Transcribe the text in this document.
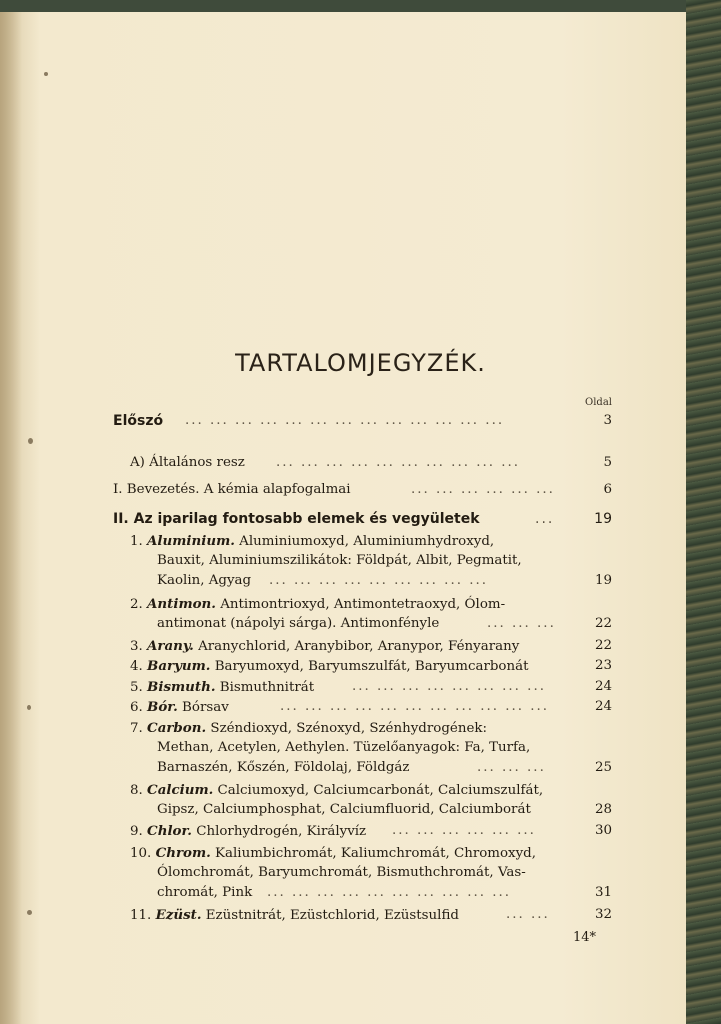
TARTALOMJEGYZÉK.
Oldal
Előszó ... ... ... ... ... ... ... ... ... ... ... ... ...	3
A) Általános resz ... ... ... ... ... ... ... ... ... ...	5
I. Bevezetés. A kémia alapfogalmai	... ... ... ... ... ...	6
II. Az iparilag fontosabb elemek és vegyületek	...	19
1. Aluminium. Aluminiumoxyd, Aluminiumhydroxyd,
Bauxit, Aluminiumszilikátok: Földpát, Albit, Pegmatit,
Kaolin, Agyag ... ... ... ... ... ... ... ... ...	19
2. Antimon. Antimontrioxyd, Antimontetraoxyd, Ólom-
antimonat (nápolyi sárga). Antimonfényle	... ... ...	22
3. Arany. Aranychlorid, Aranybibor, Aranypor, Fényarany	22
4. Baryum. Baryumoxyd, Baryumszulfát, Baryumcarbonát	23
5. Bismuth. Bismuthnitrát	... ... ... ... ... ... ... ...	24
6. Bór. Bórsav	... ... ... ... ... ... ... ... ... ... ...	24
7. Carbon. Széndioxyd, Szénoxyd, Szénhydrogének:
Methan, Acetylen, Aethylen. Tüzelőanyagok: Fa, Turfa,
Barnaszén, Kőszén, Földolaj, Földgáz	... ... ...	25
8. Calcium. Calciumoxyd, Calciumcarbonát, Calciumszulfát,
Gipsz, Calciumphosphat, Calciumfluorid, Calciumborát	28
9. Chlor. Chlorhydrogén, Királyvíz ... ... ... ... ... ...	30
10. Chrom. Kaliumbichromát, Kaliumchromát, Chromoxyd,
Ólomchromát, Baryumchromát, Bismuthchromát, Vas-
chromát, Pink ... ... ... ... ... ... ... ... ... ...	31
11. Ezüst. Ezüstnitrát, Ezüstchlorid, Ezüstsulfid	... ...	32
14*
